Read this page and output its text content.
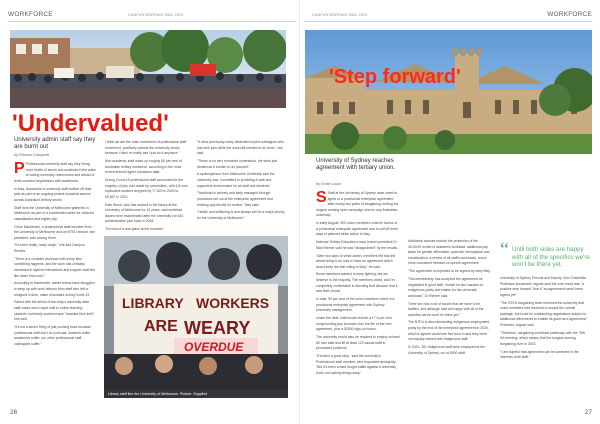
WORKFORCE	CAMPUS MORNING MAIL 2024
'Undervalued'
University admin staff say they are burnt out
by Eleanor Campbell

P Professional university staff say they 'bring' more levels of stress and workload in the wake of cutting university restructures and ahead of tenth-contract negotiations with academics.

In May, thousands of university staff walked off their jobs as part of an ongoing protest industrial actions across Australia's tertiary sector.

Staff from the University of Melbourne gathered in Melbourne as part of a coordinated strike for reduced casualisation and higher pay.

Chloe Mackenzie, a professional staff member from the University of Melbourne and an NTEU branch vice president, was among them.

"It's been really, really tough," she told Campus Review.

"There is a constant workload with every time something happens, and the work has certainly increased in layered interactions and support staff feel like lower than ever."

According to Mackenzie, admin teams have struggled to keep up with work leftover from staff who left or resigned in time, make redundant during Covid-19.

Paired with the fallout of two major university-wide staff cases and a rapid shift to online learning, students' university workers have "reached their limit", she said.

"It's not a sector thing of just pushing back because professional staff don't do curricula, students suffer, academics suffer, our other professional staff colleagues suffer."

I think we are the main movement of professional staff movement, positively outside the university sector, because I think no matty can't just do it anymore."

Non-academic staff make up roughly 58 per cent of Australian tertiary workforce, according to the most recent federal higher education data.

During Covid-19 professional staff accounted for the majority of jobs cuts made by universities, with 6,8 new equivalent workers dropped by 77,620 in 2020 to 69,867 in 2021.

Kate Wood, who has worked in the library at the University of Melbourne for 15 years, said workload issues were exacerbated after the university cut 540 administrative jobs back in 2018.

"It's kind of a bad place at the moment."

"It drew previously many dedicated expert colleagues who lost their jobs while the work still needed to be done," she said.

"Those of us who remained understood, the work just treated as a burden to do yourself."

A spokesperson from Melbourne University said the university was "committed to providing a safe and supportive environment for all staff and students".

"Workload is actively and fairly managed through processes set out at the enterprise agreement and existing opportunity for review," they said.

"Health and wellbeing is and always will be a major priority for the University of Melbourne."

LIBRARY WORKERS
ARE WEARY
OVERDUE
Library staff line the University of Melbourne. Picture: Supplied
26
CAMPUS MORNING MAIL 2024	WORKFORCE
'Step forward'
University of Sydney reaches agreement with tertiary union.
by Emile Louw

S Staff at the University of Sydney have voted to agree to a provisional enterprise agreement after nearly two years of bargaining, ending the longest running open campaign seen in any Australian university.

In early August, 500 union members voted in favour of a provisional enterprise agreement and to call off three days of planned strike action in May.

National Tertiary Education Union branch president Dr Nick Riemer said he was "disappointed" by the results.

"After two days of strike action, members felt that the wisest thing to do was to have an agreement which would keep the ball rolling in May," he said.

Some members wanted to keep fighting, but we deserve to the majority. The members voted, and I'm completely comfortable in directing that decision that it was their choice.

In total, 50 per cent of the union members voted in a provisional enterprise agreement with Sydney University management.

Under the deal, staff would receive a 17.6 per cent compounding pay increase over the life of the new agreement, plus a $2500 sign-on bonus.

The university would also be required to employ at least 80 new staff and lift at least 120 casual staff to permanent positions.

"It's been a good step," said the university's Professional staff member, who requested anonymity. "But it's been a hard-fought battle against a university that's not making things easy."

Additional clauses include the protection of the 40:40:20 model of academic workload, additional pay leave for gender affirmation, parental, menopause and menstruation, a review of all staff's workloads, and a more consistent freedom-of-speech agreement.

"The agreement is expected to be signed by early May.

This membership has accepted the agreement as negotiated in good faith, except for two clauses on Indigenous parity and claims for the university workload," Dr Riemer said.

There are now a lot of issues that we have to be drafted, and although said we happy with all of the specifics we've won't be there yet."

The NTEU is also demanding Indigenous employment parity by the end of the enterprise agreement in 2026, which it agreed would see five from in and they were not equally ranked with Indigenous staff.

In 2021, 161 Indigenous staff were employed at the University of Sydney, out of 8000 staff.

“ Until both sides are happy with all of the specifics we're won't be there yet.

University of Sydney Provost and Deputy Vice-Chancellor Professor Annamarie Jagose said the vote result was "a positive step forward" that it "an agreement hasn't been signed yet".

"The NTEU bargaining team informed the university that union members had resolved to accept the overall package, but looks for outstanding negotiations subject to additional refinements to enable its grant as a agreement," Professor Jagose said.

"Therefore, bargaining continued yesterday with the 75th SA meeting, which means that the longest-running bargaining ever in 2023.

"I am hopeful that agreement can be achieved in the interests of all staff."

27
